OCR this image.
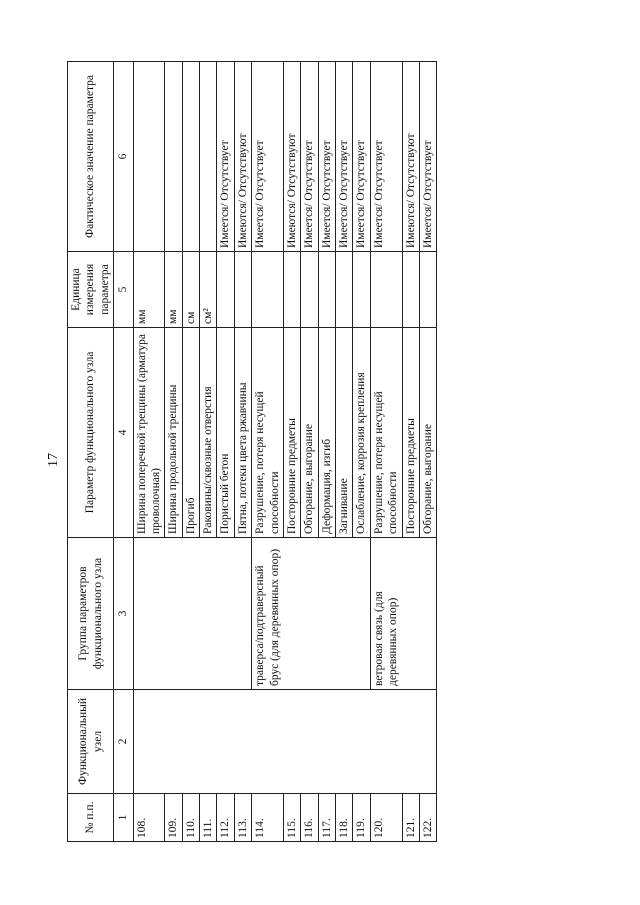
17
№ п.п.	Функциональный узел	Группа параметров функционального узла	Параметр функционального узла	Единица измерения параметра	Фактическое значение параметра
1	2	3	4	5	6
108.			Ширина поперечной трещины (арматура проволочная)	мм	
109.			Ширина продольной трещины	мм	
110.			Прогиб	см	
111.			Раковины/сквозные отверстия	см²	
112.			Пористый бетон		Имеется/ Отсутствует
113.			Пятна, потеки цвета ржавчины		Имеются/ Отсутствуют
114.		траверса/подтраверсный брус (для деревянных опор)	Разрушение, потеря несущей способности		Имеется/ Отсутствует
115.			Посторонние предметы		Имеются/ Отсутствуют
116.			Обгорание, выгорание		Имеется/ Отсутствует
117.			Деформация, изгиб		Имеется/ Отсутствует
118.			Загнивание		Имеется/ Отсутствует
119.			Ослабление, коррозия крепления		Имеется/ Отсутствует
120.		ветровая связь (для деревянных опор)	Разрушение, потеря несущей способности		Имеется/ Отсутствует
121.			Посторонние предметы		Имеются/ Отсутствуют
122.			Обгорание, выгорание		Имеется/ Отсутствует
